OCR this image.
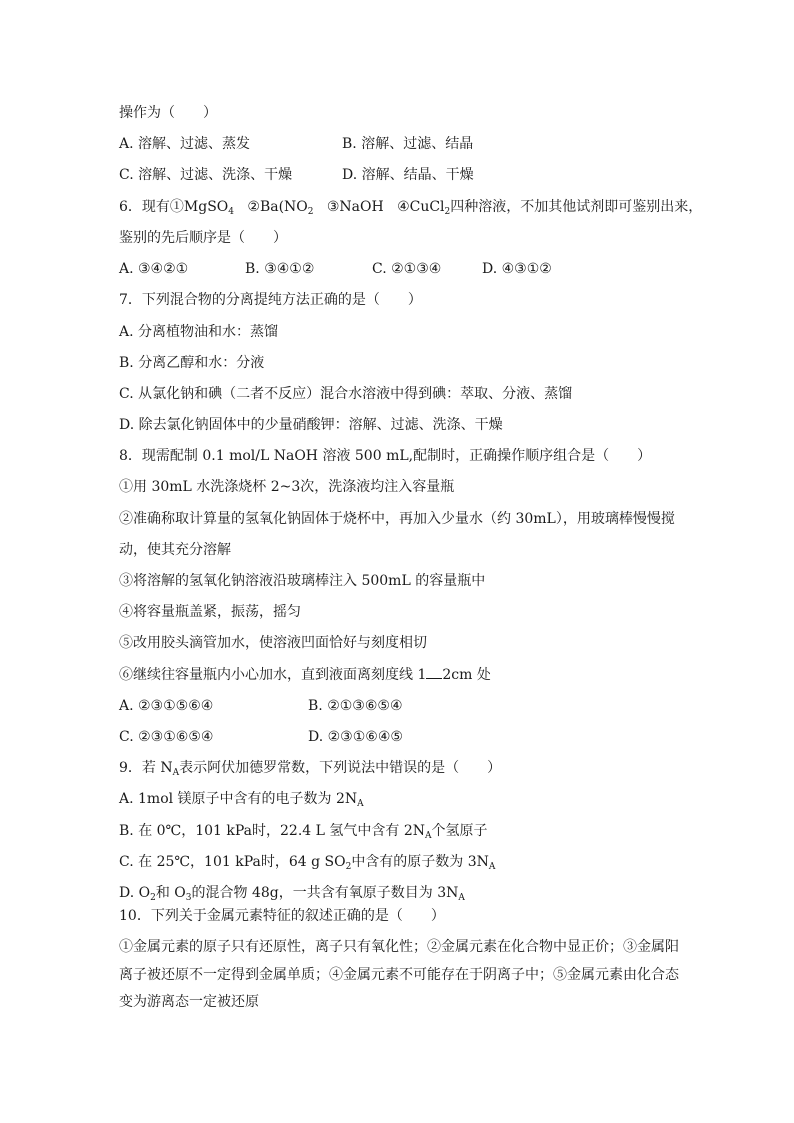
操作为（　　）
A. 溶解、过滤、蒸发	B. 溶解、过滤、结晶
C. 溶解、过滤、洗涤、干燥	D. 溶解、结晶、干燥
6．现有①MgSO$_4$ $②Ba(NO_2$ ③NaOH ④CuCl$_2$四种溶液，不加其他试剂即可鉴别出来，
鉴别的先后顺序是（　　）
A. ③④②①	B. ③④①②	C. ②①③④	D. ④③①②
7．下列混合物的分离提纯方法正确的是（　　）
A. 分离植物油和水：蒸馏
B. 分离乙醇和水：分液
C. 从氯化钠和碘（二者不反应）混合水溶液中得到碘：萃取、分液、蒸馏
D. 除去氯化钠固体中的少量硝酸钾：溶解、过滤、洗涤、干燥
8．现需配制 0.1 mol/L NaOH 溶液 500 mL,配制时，正确操作顺序组合是（　　）
①用 30mL 水洗涤烧杯 2~3次，洗涤液均注入容量瓶
②准确称取计算量的氢氧化钠固体于烧杯中，再加入少量水（约 30mL），用玻璃棒慢慢搅
动，使其充分溶解
③将溶解的氢氧化钠溶液沿玻璃棒注入 500mL 的容量瓶中
④将容量瓶盖紧，振荡，摇匀
⑤改用胶头滴管加水，使溶液凹面恰好与刻度相切
⑥继续往容量瓶内小心加水，直到液面离刻度线 1 2cm 处
A. ②③①⑤⑥④	B. ②①③⑥⑤④
C. ②③①⑥⑤④	D. ②③①⑥④⑤
9．若 $N_A$表示阿伏加德罗常数，下列说法中错误的是（　　）
A. 1mol 镁原子中含有的电子数为 $2N_A$
B. 在 0℃，101 kPa时，22.4 L 氢气中含有 $2N_A$个氢原子
C. 在 25℃，101 kPa时，64 g $SO_2$中含有的原子数为 $3N_A$
D. $O_2$和 $O_3$的混合物 48g，一共含有氧原子数目为 $3N_A$
10．下列关于金属元素特征的叙述正确的是（　　）
①金属元素的原子只有还原性，离子只有氧化性；②金属元素在化合物中显正价；③金属阳
离子被还原不一定得到金属单质；④金属元素不可能存在于阴离子中；⑤金属元素由化合态
变为游离态一定被还原
